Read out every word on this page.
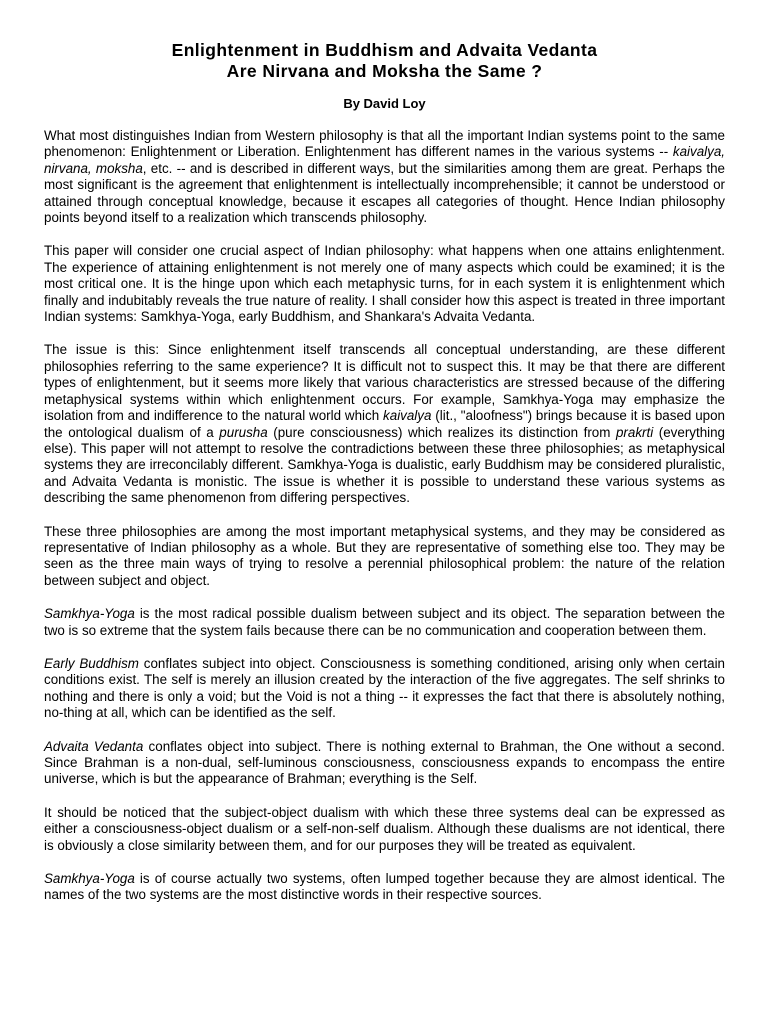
Enlightenment in Buddhism and Advaita Vedanta
Are Nirvana and Moksha the Same ?
By David Loy

What most distinguishes Indian from Western philosophy is that all the important Indian systems point to the same phenomenon: Enlightenment or Liberation. Enlightenment has different names in the various systems -- kaivalya, nirvana, moksha, etc. -- and is described in different ways, but the similarities among them are great. Perhaps the most significant is the agreement that enlightenment is intellectually incomprehensible; it cannot be understood or attained through conceptual knowledge, because it escapes all categories of thought. Hence Indian philosophy points beyond itself to a realization which transcends philosophy.

This paper will consider one crucial aspect of Indian philosophy: what happens when one attains enlightenment. The experience of attaining enlightenment is not merely one of many aspects which could be examined; it is the most critical one. It is the hinge upon which each metaphysic turns, for in each system it is enlightenment which finally and indubitably reveals the true nature of reality. I shall consider how this aspect is treated in three important Indian systems: Samkhya-Yoga, early Buddhism, and Shankara's Advaita Vedanta.

The issue is this: Since enlightenment itself transcends all conceptual understanding, are these different philosophies referring to the same experience? It is difficult not to suspect this. It may be that there are different types of enlightenment, but it seems more likely that various characteristics are stressed because of the differing metaphysical systems within which enlightenment occurs. For example, Samkhya-Yoga may emphasize the isolation from and indifference to the natural world which kaivalya (lit., "aloofness") brings because it is based upon the ontological dualism of a purusha (pure consciousness) which realizes its distinction from prakrti (everything else). This paper will not attempt to resolve the contradictions between these three philosophies; as metaphysical systems they are irreconcilably different. Samkhya-Yoga is dualistic, early Buddhism may be considered pluralistic, and Advaita Vedanta is monistic. The issue is whether it is possible to understand these various systems as describing the same phenomenon from differing perspectives.

These three philosophies are among the most important metaphysical systems, and they may be considered as representative of Indian philosophy as a whole. But they are representative of something else too. They may be seen as the three main ways of trying to resolve a perennial philosophical problem: the nature of the relation between subject and object.

Samkhya-Yoga is the most radical possible dualism between subject and its object. The separation between the two is so extreme that the system fails because there can be no communication and cooperation between them.

Early Buddhism conflates subject into object. Consciousness is something conditioned, arising only when certain conditions exist. The self is merely an illusion created by the interaction of the five aggregates. The self shrinks to nothing and there is only a void; but the Void is not a thing -- it expresses the fact that there is absolutely nothing, no-thing at all, which can be identified as the self.

Advaita Vedanta conflates object into subject. There is nothing external to Brahman, the One without a second. Since Brahman is a non-dual, self-luminous consciousness, consciousness expands to encompass the entire universe, which is but the appearance of Brahman; everything is the Self.

It should be noticed that the subject-object dualism with which these three systems deal can be expressed as either a consciousness-object dualism or a self-non-self dualism. Although these dualisms are not identical, there is obviously a close similarity between them, and for our purposes they will be treated as equivalent.

Samkhya-Yoga is of course actually two systems, often lumped together because they are almost identical. The names of the two systems are the most distinctive words in their respective sources.
